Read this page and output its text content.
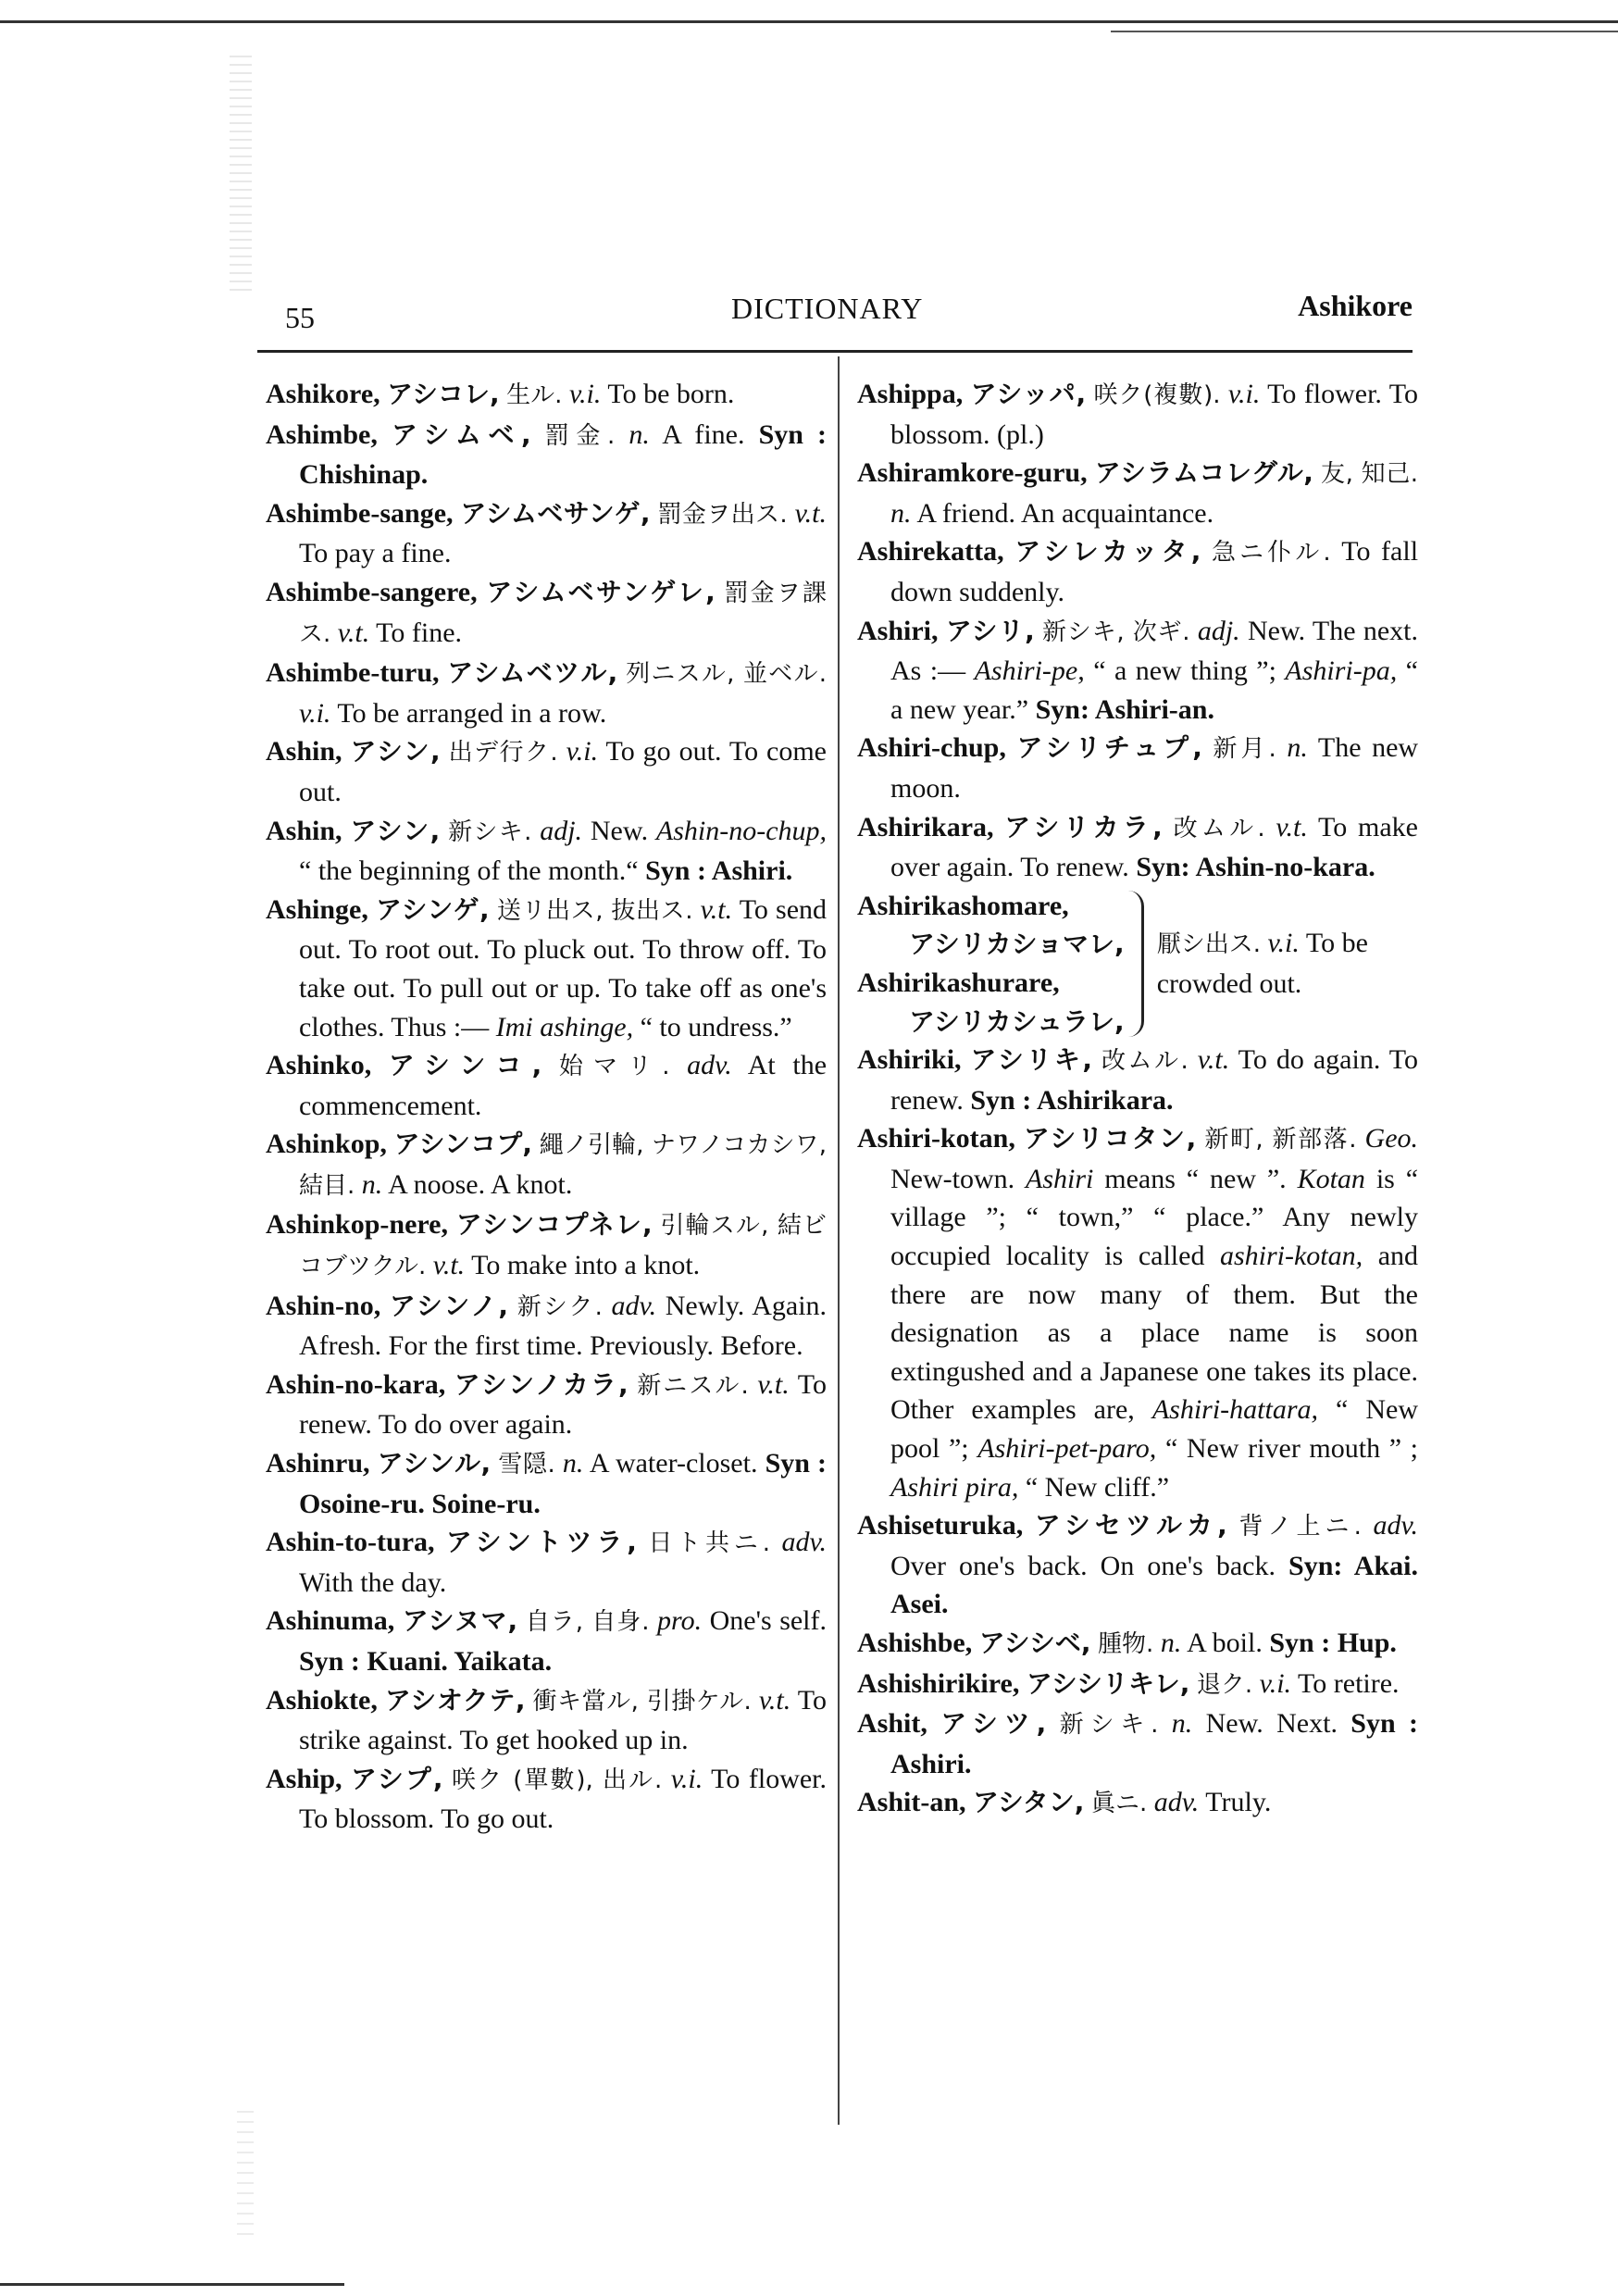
55	DICTIONARY	Ashikore

Ashikore, アシコレ, 生ル. v.i. To be born.

Ashimbe, アシムベ, 罰金. n. A fine. Syn : Chishinap.

Ashimbe-sange, アシムベサンゲ, 罰金ヲ出ス. v.t. To pay a fine.

Ashimbe-sangere, アシムベサンゲレ, 罰金ヲ課ス. v.t. To fine.

Ashimbe-turu, アシムベツル, 列ニスル, 並ベル. v.i. To be arranged in a row.

Ashin, アシン, 出デ行ク. v.i. To go out. To come out.

Ashin, アシン, 新シキ. adj. New. Ashin-no-chup, “ the beginning of the month.“ Syn : Ashiri.

Ashinge, アシンゲ, 送リ出ス, 抜出ス. v.t. To send out. To root out. To pluck out. To throw off. To take out. To pull out or up. To take off as one's clothes. Thus :— Imi ashinge, “ to undress.”

Ashinko, アシンコ, 始マリ. adv. At the commencement.

Ashinkop, アシンコプ, 繩ノ引輪, ナワノコカシワ, 結目. n. A noose. A knot.

Ashinkop-nere, アシンコプネレ, 引輪スル, 結ビコブツクル. v.t. To make into a knot.

Ashin-no, アシンノ, 新シク. adv. Newly. Again. Afresh. For the first time. Previously. Before.

Ashin-no-kara, アシンノカラ, 新ニスル. v.t. To renew. To do over again.

Ashinru, アシンル, 雪隠. n. A water-closet. Syn : Osoine-ru. Soine-ru.

Ashin-to-tura, アシントツラ, 日ト共ニ. adv. With the day.

Ashinuma, アシヌマ, 自ラ, 自身. pro. One's self. Syn : Kuani. Yaikata.

Ashiokte, アシオクテ, 衝キ當ル, 引掛ケル. v.t. To strike against. To get hooked up in.

Aship, アシプ, 咲ク (單數), 出ル. v.i. To flower. To blossom. To go out.

Ashippa, アシッパ, 咲ク(複數). v.i. To flower. To blossom. (pl.)

Ashiramkore-guru, アシラムコレグル, 友, 知己. n. A friend. An acquaintance.

Ashirekatta, アシレカッタ, 急ニ仆ル. To fall down suddenly.

Ashiri, アシリ, 新シキ, 次ギ. adj. New. The next. As :— Ashiri-pe, “ a new thing ”; Ashiri-pa, “ a new year.” Syn: Ashiri-an.

Ashiri-chup, アシリチュプ, 新月. n. The new moon.

Ashirikara, アシリカラ, 改ムル. v.t. To make over again. To renew. Syn: Ashin-no-kara.

Ashirikashomare,
アシリカショマレ,
Ashirikashurare,
アシリカシュラレ,
厭シ出ス. v.i. To be crowded out.

Ashiriki, アシリキ, 改ムル. v.t. To do again. To renew. Syn : Ashirikara.

Ashiri-kotan, アシリコタン, 新町, 新部落. Geo. New-town. Ashiri means “ new ”. Kotan is “ village ”; “ town,” “ place.” Any newly occupied locality is called ashiri-kotan, and there are now many of them. But the designation as a place name is soon extingushed and a Japanese one takes its place. Other examples are, Ashiri-hattara, “ New pool ”; Ashiri-pet-paro, “ New river mouth ” ; Ashiri pira, “ New cliff.”

Ashiseturuka, アシセツルカ, 背ノ上ニ. adv. Over one's back. On one's back. Syn: Akai. Asei.

Ashishbe, アシシベ, 腫物. n. A boil. Syn : Hup.

Ashishirikire, アシシリキレ, 退ク. v.i. To retire.

Ashit, アシツ, 新シキ. n. New. Next. Syn : Ashiri.

Ashit-an, アシタン, 眞ニ. adv. Truly.
